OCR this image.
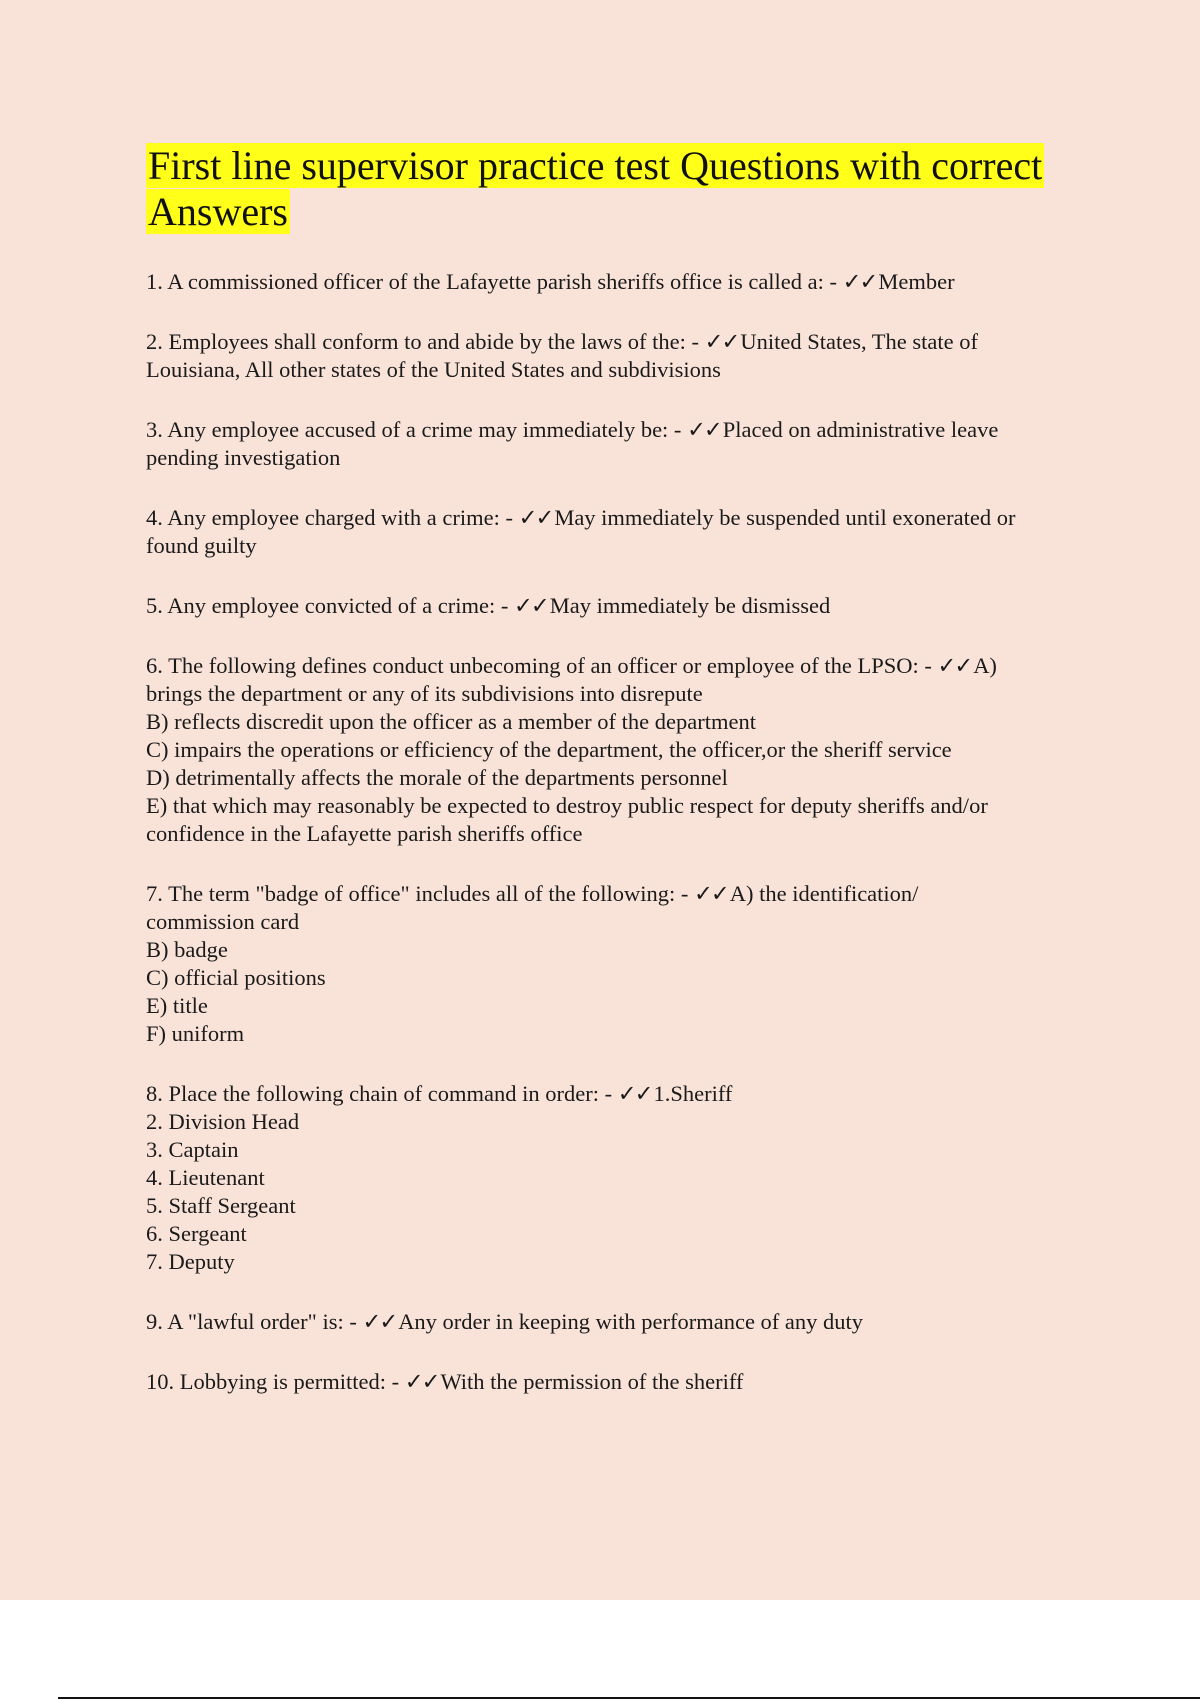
First line supervisor practice test Questions with correct Answers
1. A commissioned officer of the Lafayette parish sheriffs office is called a: - ✓✓Member
2. Employees shall conform to and abide by the laws of the: - ✓✓United States, The state of
Louisiana, All other states of the United States and subdivisions
3. Any employee accused of a crime may immediately be: - ✓✓Placed on administrative leave
pending investigation
4. Any employee charged with a crime: - ✓✓May immediately be suspended until exonerated or
found guilty
5. Any employee convicted of a crime: - ✓✓May immediately be dismissed
6. The following defines conduct unbecoming of an officer or employee of the LPSO: - ✓✓A)
brings the department or any of its subdivisions into disrepute
B) reflects discredit upon the officer as a member of the department
C) impairs the operations or efficiency of the department, the officer,or the sheriff service
D) detrimentally affects the morale of the departments personnel
E) that which may reasonably be expected to destroy public respect for deputy sheriffs and/or
confidence in the Lafayette parish sheriffs office
7. The term "badge of office" includes all of the following: - ✓✓A) the identification/
commission card
B) badge
C) official positions
E) title
F) uniform
8. Place the following chain of command in order: - ✓✓1.Sheriff
2. Division Head
3. Captain
4. Lieutenant
5. Staff Sergeant
6. Sergeant
7. Deputy
9. A "lawful order" is: - ✓✓Any order in keeping with performance of any duty
10. Lobbying is permitted: - ✓✓With the permission of the sheriff
